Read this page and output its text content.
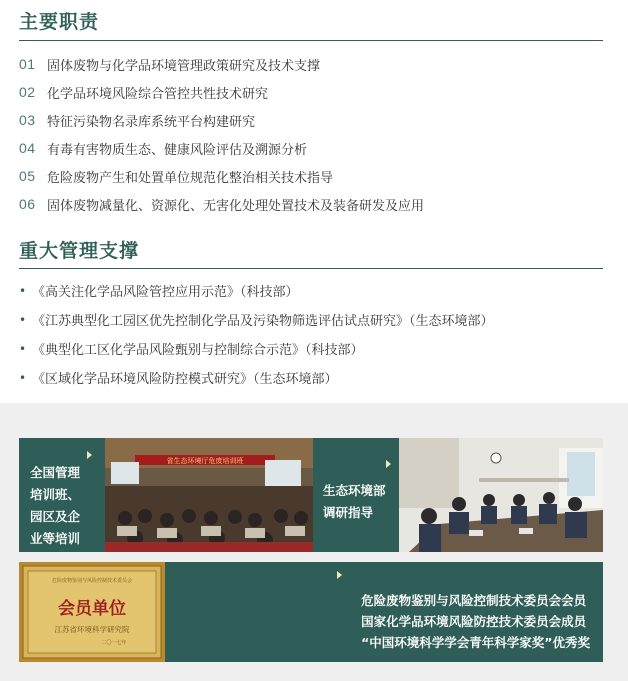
主要职责
01 固体废物与化学品环境管理政策研究及技术支撑
02 化学品环境风险综合管控共性技术研究
03 特征污染物名录库系统平台构建研究
04 有毒有害物质生态、健康风险评估及溯源分析
05 危险废物产生和处置单位规范化整治相关技术指导
06 固体废物减量化、资源化、无害化处理处置技术及装备研发及应用
重大管理支撑
• 《高关注化学品风险管控应用示范》（科技部）
• 《江苏典型化工园区优先控制化学品及污染物筛选评估试点研究》（生态环境部）
• 《典型化工区化学品风险甄别与控制综合示范》（科技部）
• 《区域化学品环境风险防控模式研究》（生态环境部）
全国管理
培训班、
园区及企
业等培训
省生态环境厅危废培训班
生态环境部
调研指导
危险废物鉴别与风险控制技术委员会
会员单位
江苏省环境科学研究院
二〇一七年
危险废物鉴别与风险控制技术委员会会员
国家化学品环境风险防控技术委员会成员
“中国环境科学学会青年科学家奖”优秀奖
